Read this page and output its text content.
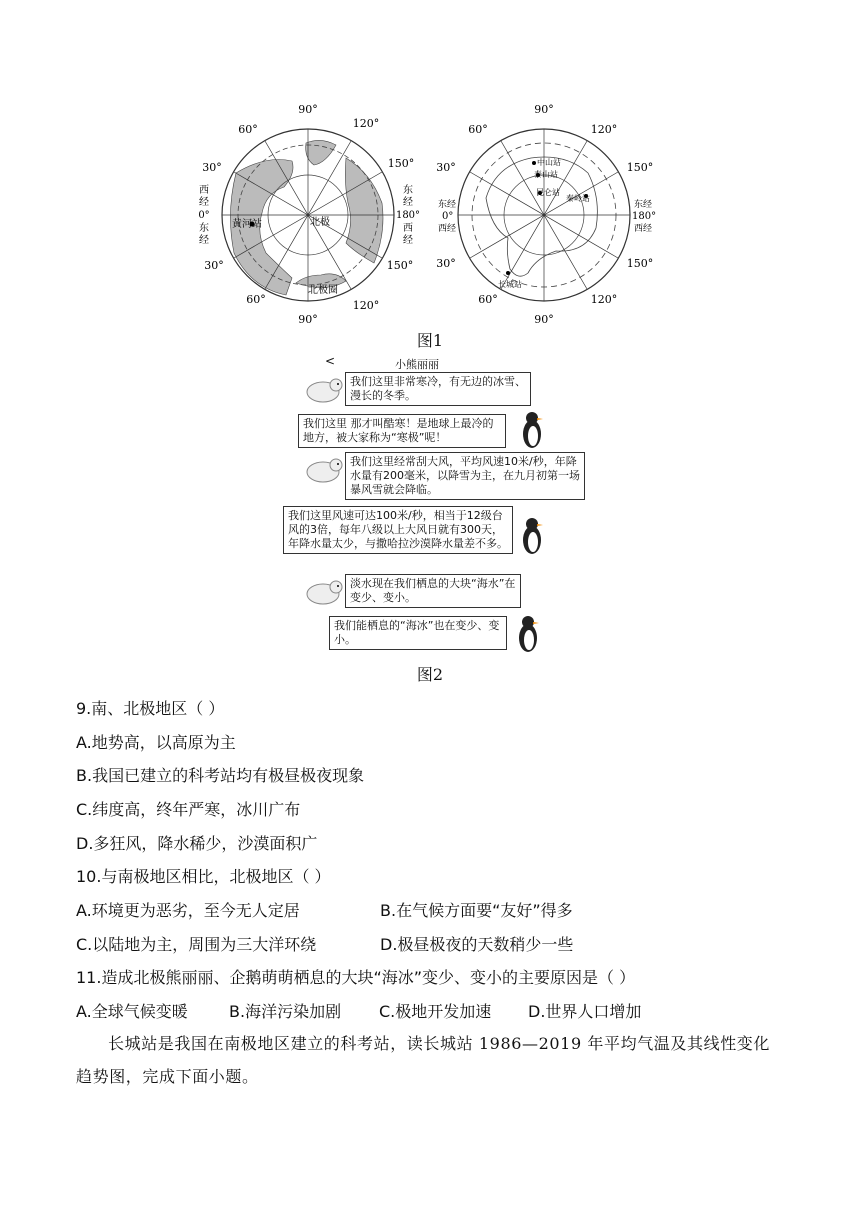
90°
90°
60°
30°
120°
150°
30°
60°
150°
120°
西
经
0°
东
经
东
经
180°
西
经
黄河站	北极
北极圈
90°
90°
60°
30°
120°
150°
30°
60°
150°
120°
东经
0°
西经
东经
180°
西经
中山站
泰山站
昆仑站
秦岭站
长城站
图1
<	小熊丽丽
我们这里非常寒冷，有无边的冰雪、漫长的冬季。
我们这里 那才叫酷寒！是地球上最冷的地方，被大家称为“寒极”呢！
我们这里经常刮大风，平均风速10米/秒，年降水量有200毫米，以降雪为主，在九月初第一场暴风雪就会降临。
我们这里风速可达100米/秒，相当于12级台风的3倍，每年八级以上大风日就有300天，年降水量太少，与撒哈拉沙漠降水量差不多。
淡水现在我们栖息的大块“海水”在变少、变小。
我们能栖息的“海冰”也在变少、变小。
图2
9.南、北极地区（ ）
A.地势高，以高原为主
B.我国已建立的科考站均有极昼极夜现象
C.纬度高，终年严寒，冰川广布
D.多狂风，降水稀少，沙漠面积广
10.与南极地区相比，北极地区（ ）
A.环境更为恶劣，至今无人定居	B.在气候方面要“友好”得多
C.以陆地为主，周围为三大洋环绕	D.极昼极夜的天数稍少一些
11.造成北极熊丽丽、企鹅萌萌栖息的大块“海冰”变少、变小的主要原因是（ ）
A.全球气候变暖	B.海洋污染加剧 C.极地开发加速 D.世界人口增加
长城站是我国在南极地区建立的科考站，读长城站 1986—2019 年平均气温及其线性变化趋势图，完成下面小题。
